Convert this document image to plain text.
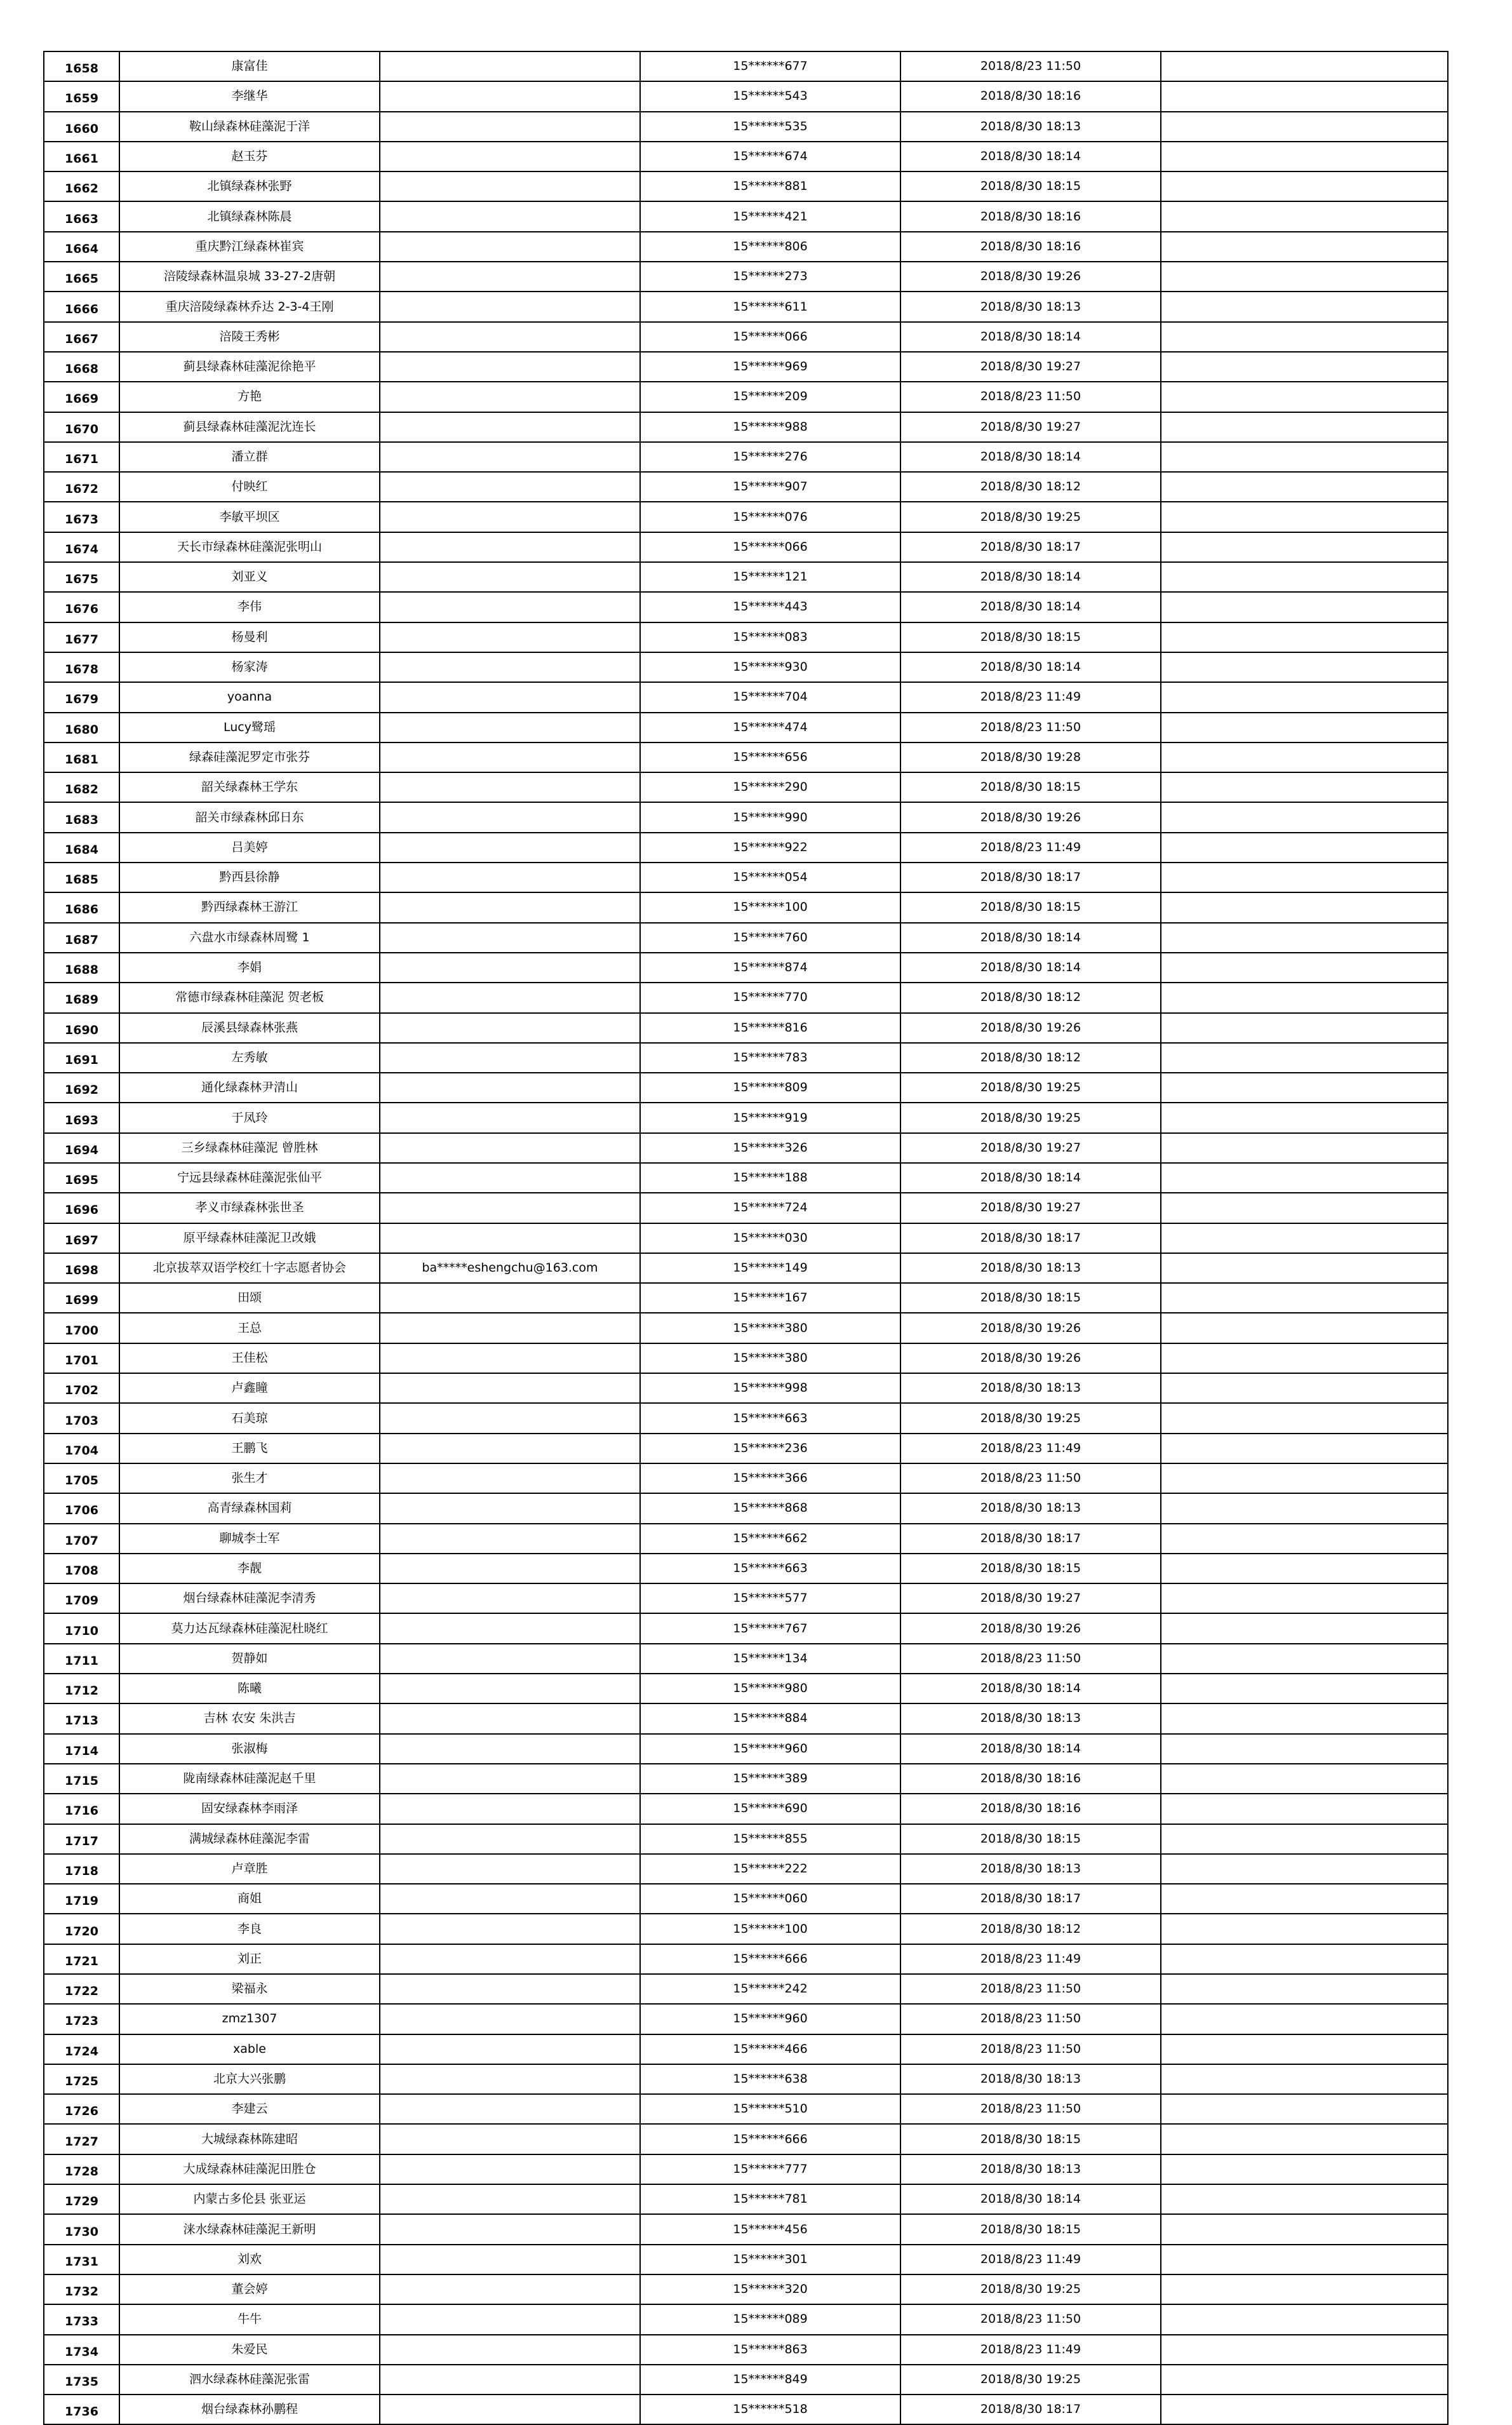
1658	康富佳		15******677	2018/8/23 11:50	
1659	李继华		15******543	2018/8/30 18:16	
1660	鞍山绿森林硅藻泥于洋		15******535	2018/8/30 18:13	
1661	赵玉芬		15******674	2018/8/30 18:14	
1662	北镇绿森林张野		15******881	2018/8/30 18:15	
1663	北镇绿森林陈晨		15******421	2018/8/30 18:16	
1664	重庆黔江绿森林崔宾		15******806	2018/8/30 18:16	
1665	涪陵绿森林温泉城 33-27-2唐朝		15******273	2018/8/30 19:26	
1666	重庆涪陵绿森林乔达 2-3-4王刚		15******611	2018/8/30 18:13	
1667	涪陵王秀彬		15******066	2018/8/30 18:14	
1668	蓟县绿森林硅藻泥徐艳平		15******969	2018/8/30 19:27	
1669	方艳		15******209	2018/8/23 11:50	
1670	蓟县绿森林硅藻泥沈连长		15******988	2018/8/30 19:27	
1671	潘立群		15******276	2018/8/30 18:14	
1672	付映红		15******907	2018/8/30 18:12	
1673	李敏平坝区		15******076	2018/8/30 19:25	
1674	天长市绿森林硅藻泥张明山		15******066	2018/8/30 18:17	
1675	刘亚义		15******121	2018/8/30 18:14	
1676	李伟		15******443	2018/8/30 18:14	
1677	杨曼利		15******083	2018/8/30 18:15	
1678	杨家涛		15******930	2018/8/30 18:14	
1679	yoanna		15******704	2018/8/23 11:49	
1680	Lucy鹭瑶		15******474	2018/8/23 11:50	
1681	绿森硅藻泥罗定市张芬		15******656	2018/8/30 19:28	
1682	韶关绿森林王学东		15******290	2018/8/30 18:15	
1683	韶关市绿森林邱日东		15******990	2018/8/30 19:26	
1684	吕美婷		15******922	2018/8/23 11:49	
1685	黔西县徐静		15******054	2018/8/30 18:17	
1686	黔西绿森林王游江		15******100	2018/8/30 18:15	
1687	六盘水市绿森林周鹭 1		15******760	2018/8/30 18:14	
1688	李娟		15******874	2018/8/30 18:14	
1689	常德市绿森林硅藻泥 贺老板		15******770	2018/8/30 18:12	
1690	辰溪县绿森林张燕		15******816	2018/8/30 19:26	
1691	左秀敏		15******783	2018/8/30 18:12	
1692	通化绿森林尹清山		15******809	2018/8/30 19:25	
1693	于凤玲		15******919	2018/8/30 19:25	
1694	三乡绿森林硅藻泥 曾胜林		15******326	2018/8/30 19:27	
1695	宁远县绿森林硅藻泥张仙平		15******188	2018/8/30 18:14	
1696	孝义市绿森林张世圣		15******724	2018/8/30 19:27	
1697	原平绿森林硅藻泥卫改娥		15******030	2018/8/30 18:17	
1698	北京拔萃双语学校红十字志愿者协会	ba*****eshengchu@163.com	15******149	2018/8/30 18:13	
1699	田颂		15******167	2018/8/30 18:15	
1700	王总		15******380	2018/8/30 19:26	
1701	王佳松		15******380	2018/8/30 19:26	
1702	卢鑫瞳		15******998	2018/8/30 18:13	
1703	石美琼		15******663	2018/8/30 19:25	
1704	王鹏飞		15******236	2018/8/23 11:49	
1705	张生才		15******366	2018/8/23 11:50	
1706	高青绿森林国莉		15******868	2018/8/30 18:13	
1707	聊城李士军		15******662	2018/8/30 18:17	
1708	李靓		15******663	2018/8/30 18:15	
1709	烟台绿森林硅藻泥李清秀		15******577	2018/8/30 19:27	
1710	莫力达瓦绿森林硅藻泥杜晓红		15******767	2018/8/30 19:26	
1711	贺静如		15******134	2018/8/23 11:50	
1712	陈曦		15******980	2018/8/30 18:14	
1713	吉林 农安 朱洪吉		15******884	2018/8/30 18:13	
1714	张淑梅		15******960	2018/8/30 18:14	
1715	陇南绿森林硅藻泥赵千里		15******389	2018/8/30 18:16	
1716	固安绿森林李雨泽		15******690	2018/8/30 18:16	
1717	满城绿森林硅藻泥李雷		15******855	2018/8/30 18:15	
1718	卢章胜		15******222	2018/8/30 18:13	
1719	商姐		15******060	2018/8/30 18:17	
1720	李良		15******100	2018/8/30 18:12	
1721	刘正		15******666	2018/8/23 11:49	
1722	梁福永		15******242	2018/8/23 11:50	
1723	zmz1307		15******960	2018/8/23 11:50	
1724	xable		15******466	2018/8/23 11:50	
1725	北京大兴张鹏		15******638	2018/8/30 18:13	
1726	李建云		15******510	2018/8/23 11:50	
1727	大城绿森林陈建昭		15******666	2018/8/30 18:15	
1728	大成绿森林硅藻泥田胜仓		15******777	2018/8/30 18:13	
1729	内蒙古多伦县 张亚运		15******781	2018/8/30 18:14	
1730	涞水绿森林硅藻泥王新明		15******456	2018/8/30 18:15	
1731	刘欢		15******301	2018/8/23 11:49	
1732	董会婷		15******320	2018/8/30 19:25	
1733	牛牛		15******089	2018/8/23 11:50	
1734	朱爱民		15******863	2018/8/23 11:49	
1735	泗水绿森林硅藻泥张雷		15******849	2018/8/30 19:25	
1736	烟台绿森林孙鹏程		15******518	2018/8/30 18:17	
